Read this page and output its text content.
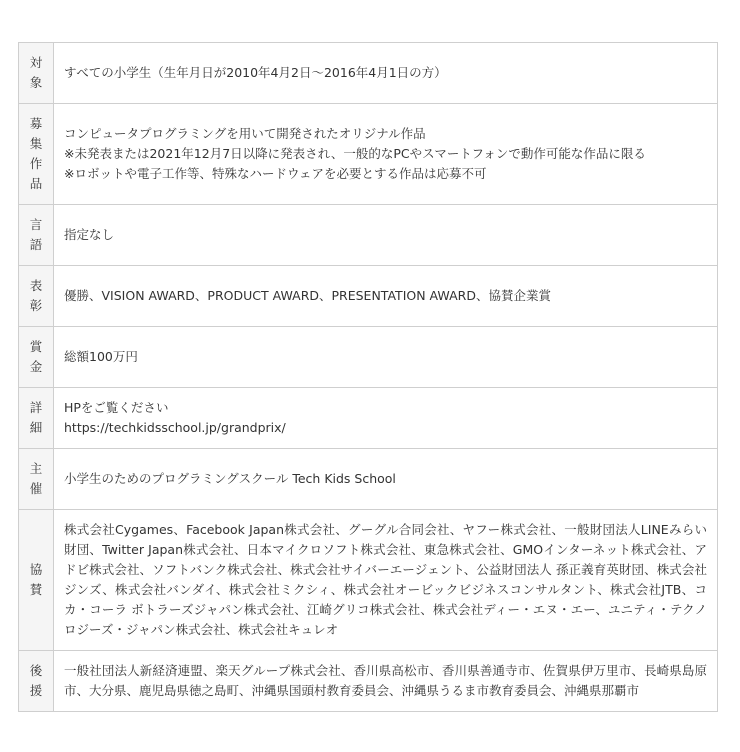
対象	すべての小学生（生年月日が2010年4月2日〜2016年4月1日の方）

募集作品	コンピュータプログラミングを用いて開発されたオリジナル作品
※未発表または2021年12月7日以降に発表され、一般的なPCやスマートフォンで動作可能な作品に限る
※ロボットや電子工作等、特殊なハードウェアを必要とする作品は応募不可

言語	指定なし

表彰	優勝、VISION AWARD、PRODUCT AWARD、PRESENTATION AWARD、協賛企業賞

賞金	総額100万円

詳細	HPをご覧ください
https://techkidsschool.jp/grandprix/

主催	小学生のためのプログラミングスクール Tech Kids School

協賛	株式会社Cygames、Facebook Japan株式会社、グーグル合同会社、ヤフー株式会社、一般財団法人LINEみらい財団、Twitter Japan株式会社、日本マイクロソフト株式会社、東急株式会社、GMOインターネット株式会社、アドビ株式会社、ソフトバンク株式会社、株式会社サイバーエージェント、公益財団法人 孫正義育英財団、株式会社ジンズ、株式会社バンダイ、株式会社ミクシィ、株式会社オービックビジネスコンサルタント、株式会社JTB、コカ・コーラ ボトラーズジャパン株式会社、江崎グリコ株式会社、株式会社ディー・エヌ・エー、ユニティ・テクノロジーズ・ジャパン株式会社、株式会社キュレオ

後援	一般社団法人新経済連盟、楽天グループ株式会社、香川県高松市、香川県善通寺市、佐賀県伊万里市、長崎県島原市、大分県、鹿児島県徳之島町、沖縄県国頭村教育委員会、沖縄県うるま市教育委員会、沖縄県那覇市
